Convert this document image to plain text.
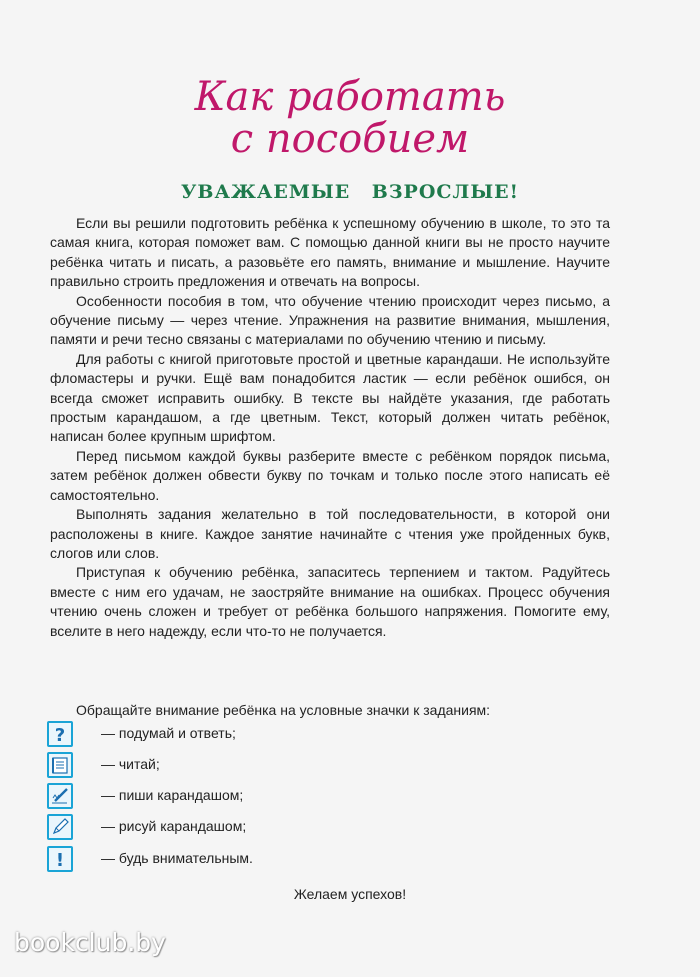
Как работать
с пособием
УВАЖАЕМЫЕ ВЗРОСЛЫЕ!

Если вы решили подготовить ребёнка к успешному обучению в школе, то это та самая книга, которая поможет вам. С помощью данной книги вы не просто научите ребёнка читать и писать, а разовьёте его память, внимание и мышление. Научите правильно строить предложения и отвечать на вопросы.

Особенности пособия в том, что обучение чтению происходит через письмо, а обучение письму — через чтение. Упражнения на развитие внимания, мышления, памяти и речи тесно связаны с материалами по обучению чтению и письму.

Для работы с книгой приготовьте простой и цветные карандаши. Не используйте фломастеры и ручки. Ещё вам понадобится ластик — если ребёнок ошибся, он всегда сможет исправить ошибку. В тексте вы найдёте указания, где работать простым карандашом, а где цветным. Текст, который должен читать ребёнок, написан более крупным шрифтом.

Перед письмом каждой буквы разберите вместе с ребёнком порядок письма, затем ребёнок должен обвести букву по точкам и только после этого написать её самостоятельно.

Выполнять задания желательно в той последовательности, в которой они расположены в книге. Каждое занятие начинайте с чтения уже пройденных букв, слогов или слов.

Приступая к обучению ребёнка, запаситесь терпением и тактом. Радуйтесь вместе с ним его удачам, не заостряйте внимание на ошибках. Процесс обучения чтению очень сложен и требует от ребёнка большого напряжения. Помогите ему, вселите в него надежду, если что-то не получается.

Обращайте внимание ребёнка на условные значки к заданиям:
?	— подумай и ответь;
— читай;
— пиши карандашом;
— рисуй карандашом;
!	— будь внимательным.
Желаем успехов!
bookclub.by
